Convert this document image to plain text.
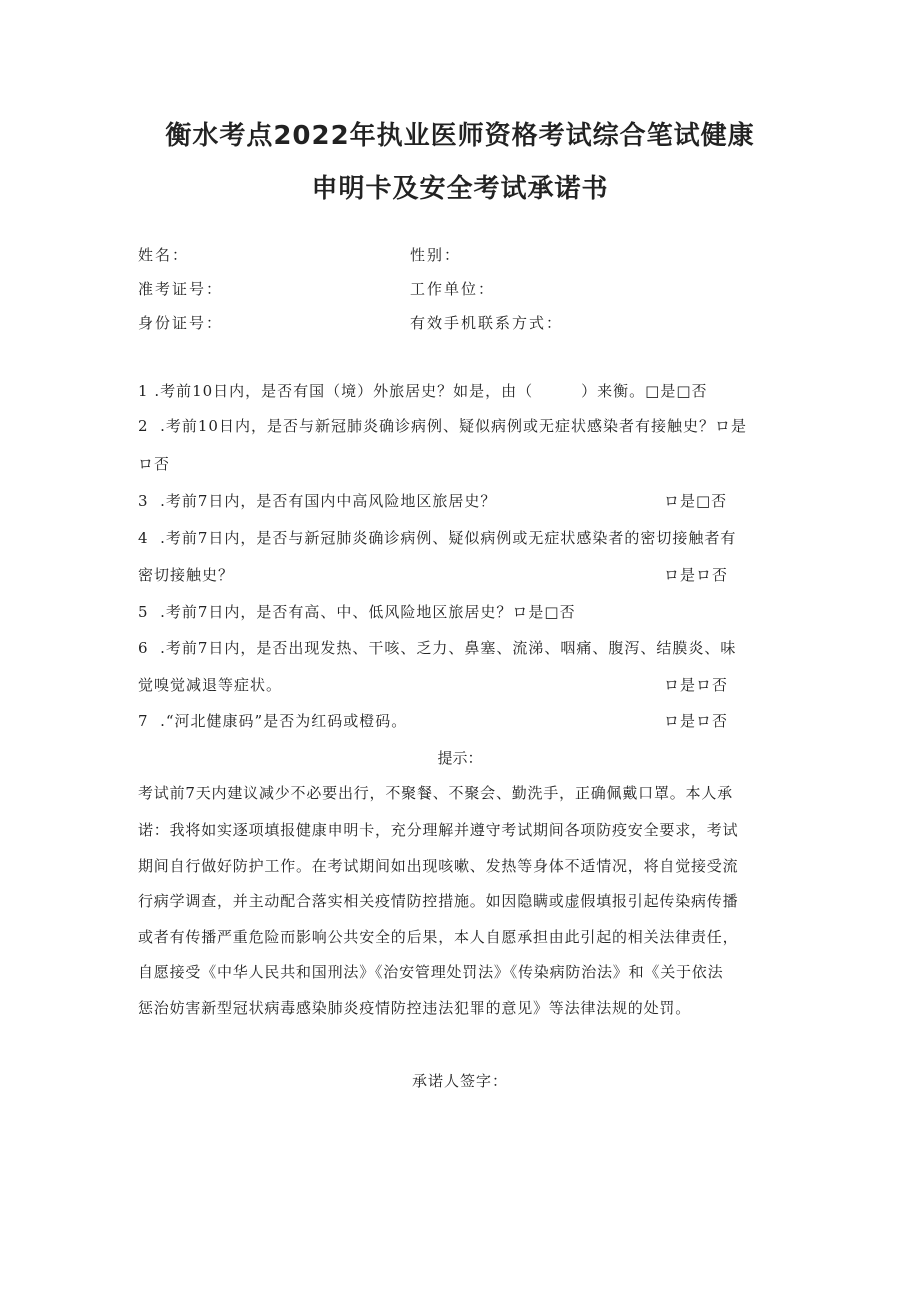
衡水考点2022年执业医师资格考试综合笔试健康
申明卡及安全考试承诺书
姓名：	性别：
准考证号：	工作单位：
身份证号：	有效手机联系方式：
1 .考前10日内，是否有国（境）外旅居史？如是，由（　　　）来衡。□是□否
2 .考前10日内，是否与新冠肺炎确诊病例、疑似病例或无症状感染者有接触史？ロ是
ロ否
3 .考前7日内，是否有国内中高风险地区旅居史？	ロ是□否
4 .考前7日内，是否与新冠肺炎确诊病例、疑似病例或无症状感染者的密切接触者有
密切接触史？	ロ是ロ否
5 .考前7日内，是否有高、中、低风险地区旅居史？ロ是□否
6 .考前7日内，是否出现发热、干咳、乏力、鼻塞、流涕、咽痛、腹泻、结膜炎、味
觉嗅觉减退等症状。	ロ是ロ否
7 .“河北健康码”是否为红码或橙码。	ロ是ロ否
提示：
考试前7天内建议减少不必要出行，不聚餐、不聚会、勤洗手，正确佩戴口罩。本人承
诺：我将如实逐项填报健康申明卡，充分理解并遵守考试期间各项防疫安全要求，考试
期间自行做好防护工作。在考试期间如出现咳嗽、发热等身体不适情况，将自觉接受流
行病学调查，并主动配合落实相关疫情防控措施。如因隐瞒或虚假填报引起传染病传播
或者有传播严重危险而影响公共安全的后果，本人自愿承担由此引起的相关法律责任，
自愿接受《中华人民共和国刑法》《治安管理处罚法》《传染病防治法》和《关于依法
惩治妨害新型冠状病毒感染肺炎疫情防控违法犯罪的意见》等法律法规的处罚。
承诺人签字：
